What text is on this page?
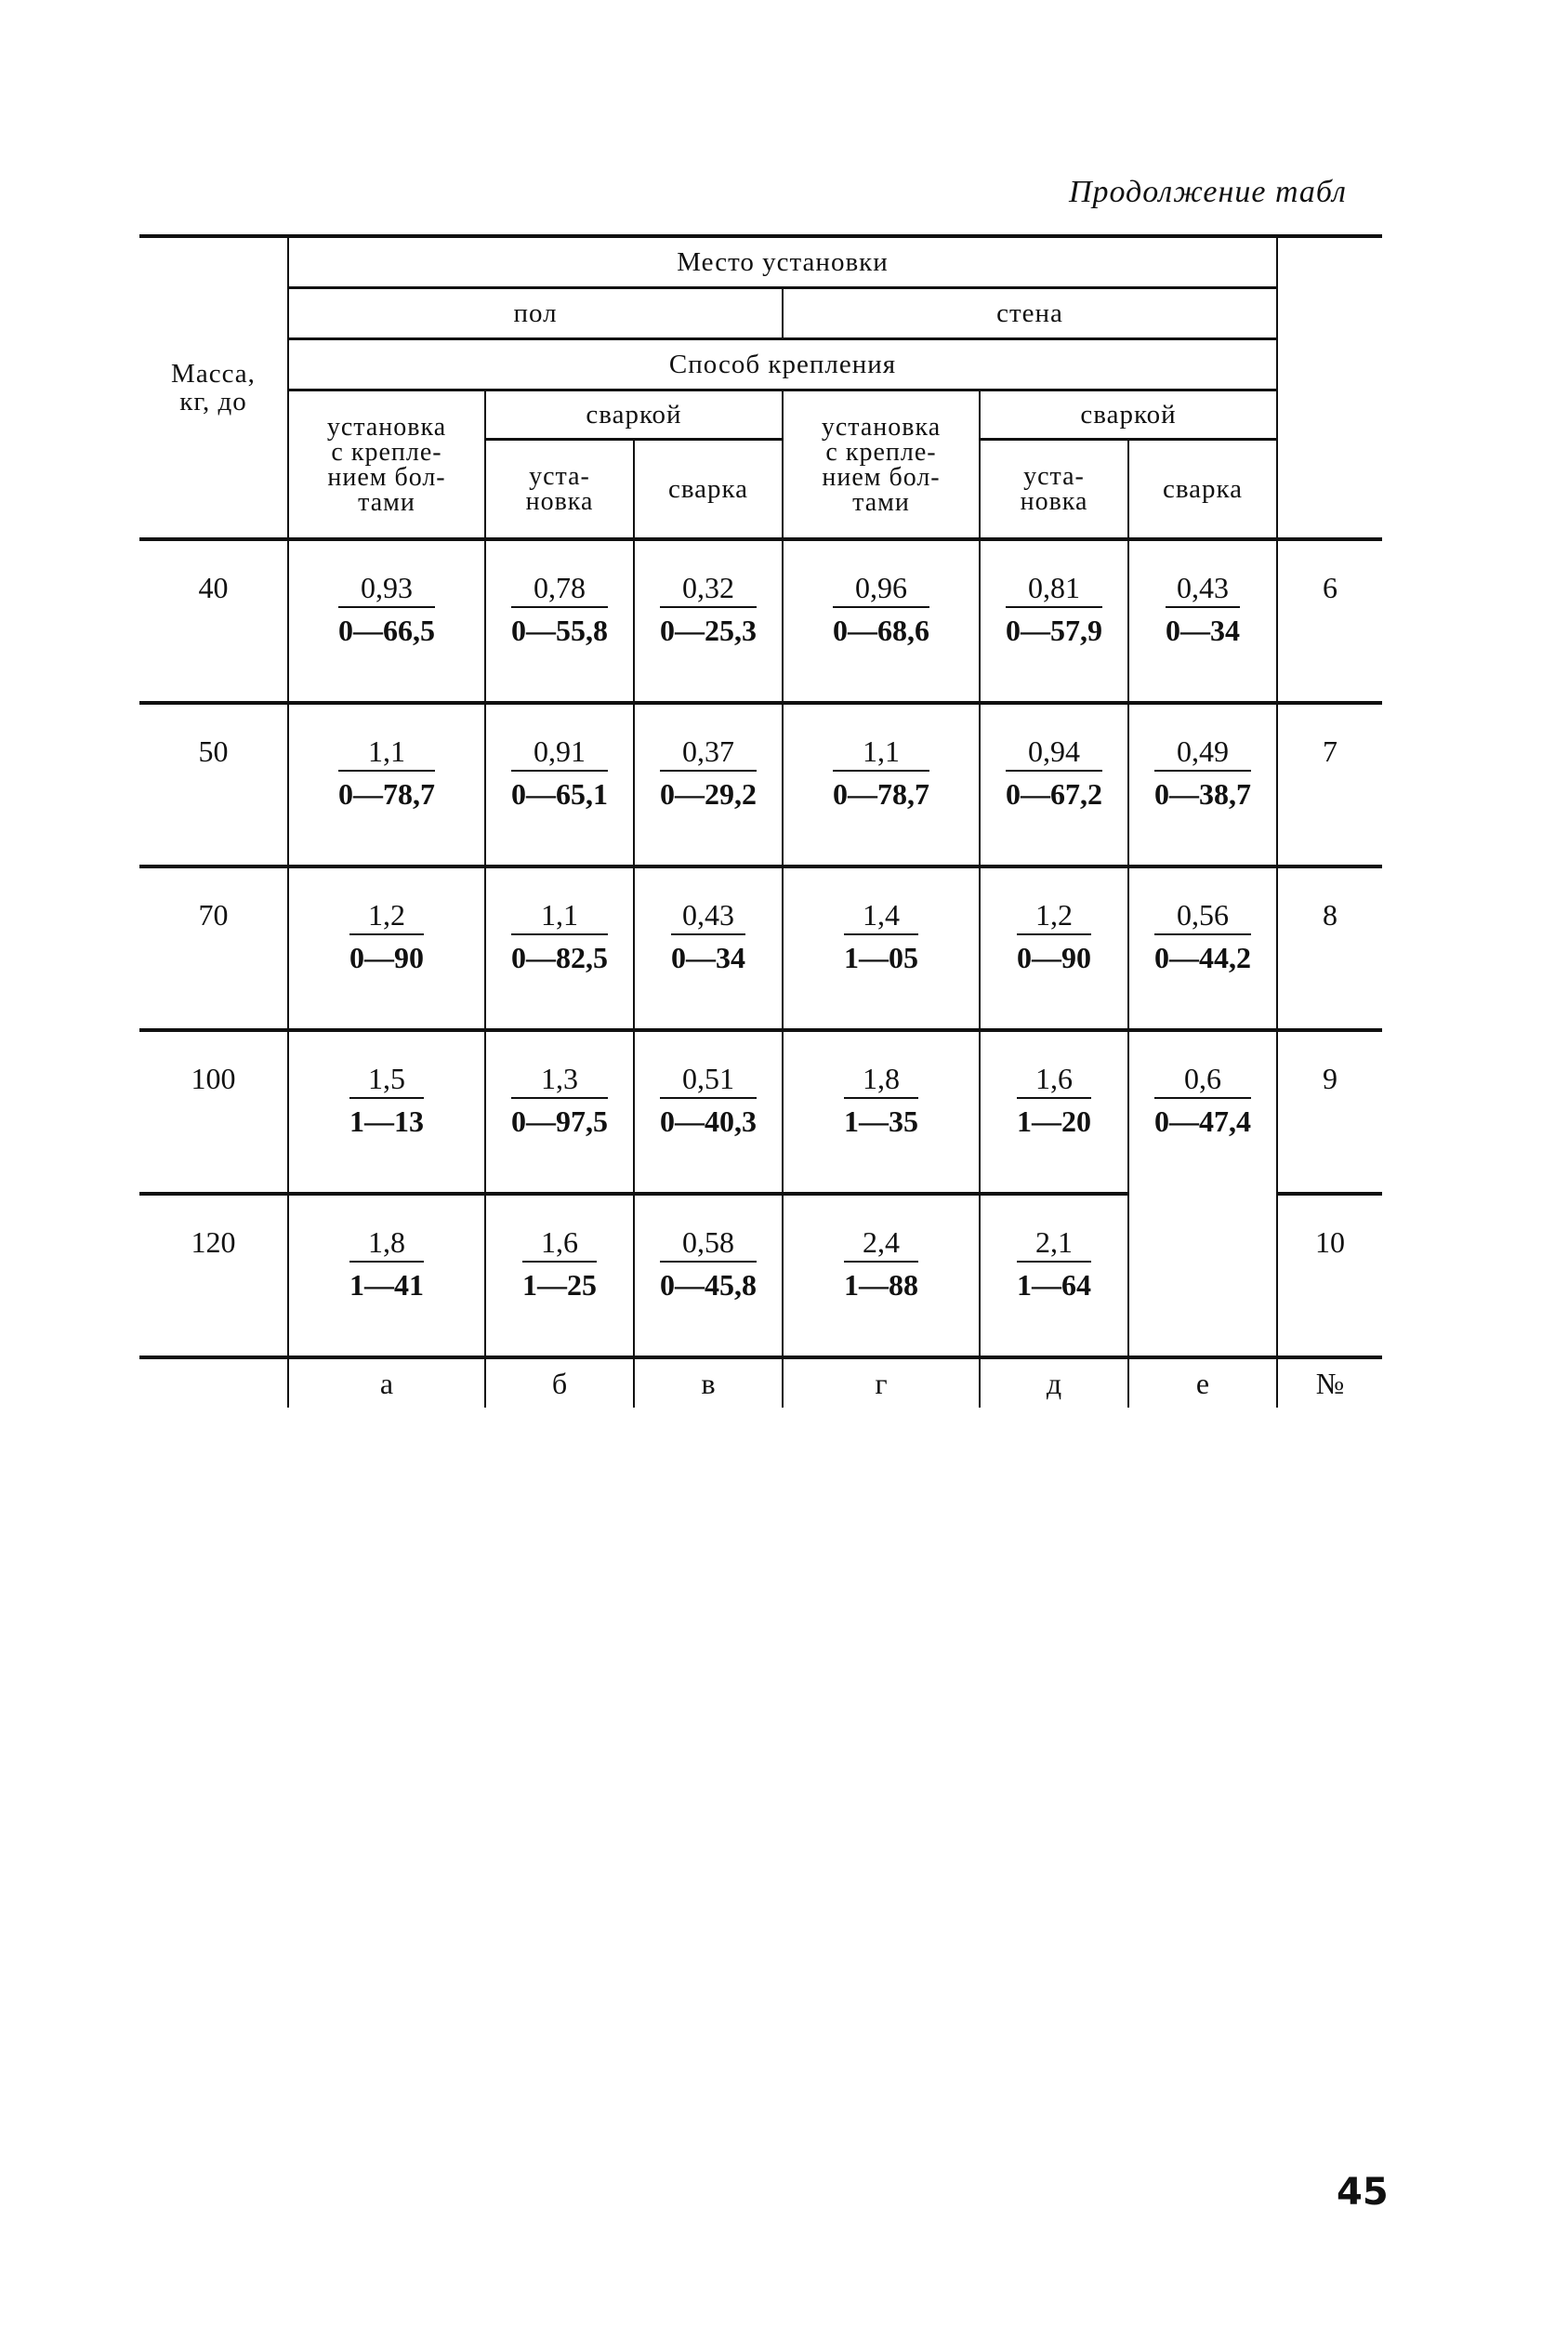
Продолжение табл
Масса,
кг, до	Место установки						
	пол			стена			
	Способ крепления						

	установка
с крепле-
нием бол-
тами	сваркой		установка
с крепле-
нием бол-
тами	сваркой		

		уста-
новка	сварка		уста-
новка	сварка	
40	$\frac{0,93}{0—66,5}$	$\frac{0,78}{0—55,8}$	$\frac{0,32}{0—25,3}$	$\frac{0,96}{0—68,6}$	$\frac{0,81}{0—57,9}$	$\frac{0,43}{0—34}$	6
50	$\frac{1,1}{0—78,7}$	$\frac{0,91}{0—65,1}$	$\frac{0,37}{0—29,2}$	$\frac{1,1}{0—78,7}$	$\frac{0,94}{0—67,2}$	$\frac{0,49}{0—38,7}$	7
70	$\frac{1,2}{0—90}$	$\frac{1,1}{0—82,5}$	$\frac{0,43}{0—34}$	$\frac{1,4}{1—05}$	$\frac{1,2}{0—90}$	$\frac{0,56}{0—44,2}$	8
100	$\frac{1,5}{1—13}$	$\frac{1,3}{0—97,5}$	$\frac{0,51}{0—40,3}$	$\frac{1,8}{1—35}$	$\frac{1,6}{1—20}$	$\frac{0,6}{0—47,4}$	9
120	$\frac{1,8}{1—41}$	$\frac{1,6}{1—25}$	$\frac{0,58}{0—45,8}$	$\frac{2,4}{1—88}$	$\frac{2,1}{1—64}$		10
	а	б	в	г	д	е	№
45
